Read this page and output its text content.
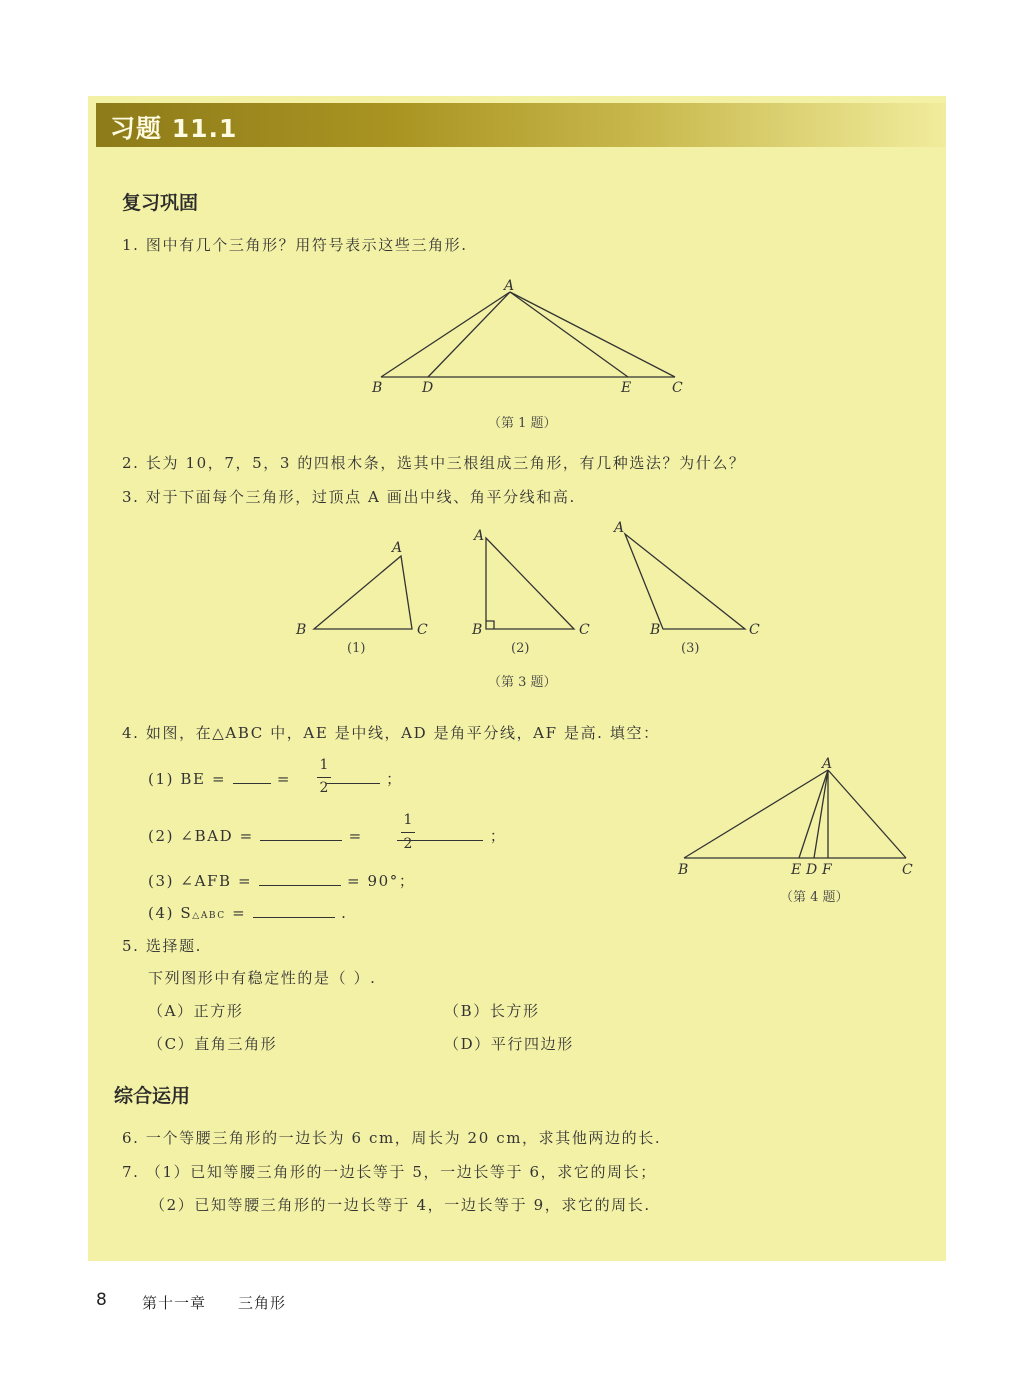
习题 11.1
复习巩固
1. 图中有几个三角形？用符号表示这些三角形.
A
B	D	E	C
（第 1 题）
2. 长为 10，7，5，3 的四根木条，选其中三根组成三角形，有几种选法？为什么？
3. 对于下面每个三角形，过顶点 A 画出中线、角平分线和高.
A
B	C
A
B	C
A
B	C
(1)	(2)	(3)
（第 3 题）
4. 如图，在△ABC 中，AE 是中线，AD 是角平分线，AF 是高. 填空：
(1) BE =	=	；
1
2
(2) ∠BAD =	=	；
1
2
(3) ∠AFB =	= 90°；
(4) S△ABC =	.
A
B	E D F	C
（第 4 题）
5. 选择题.
下列图形中有稳定性的是（ ）.
（A）正方形	（B）长方形
（C）直角三角形	（D）平行四边形
综合运用
6. 一个等腰三角形的一边长为 6 cm，周长为 20 cm，求其他两边的长.
7. （1）已知等腰三角形的一边长等于 5，一边长等于 6，求它的周长；
（2）已知等腰三角形的一边长等于 4，一边长等于 9，求它的周长.
8 第十一章 三角形
